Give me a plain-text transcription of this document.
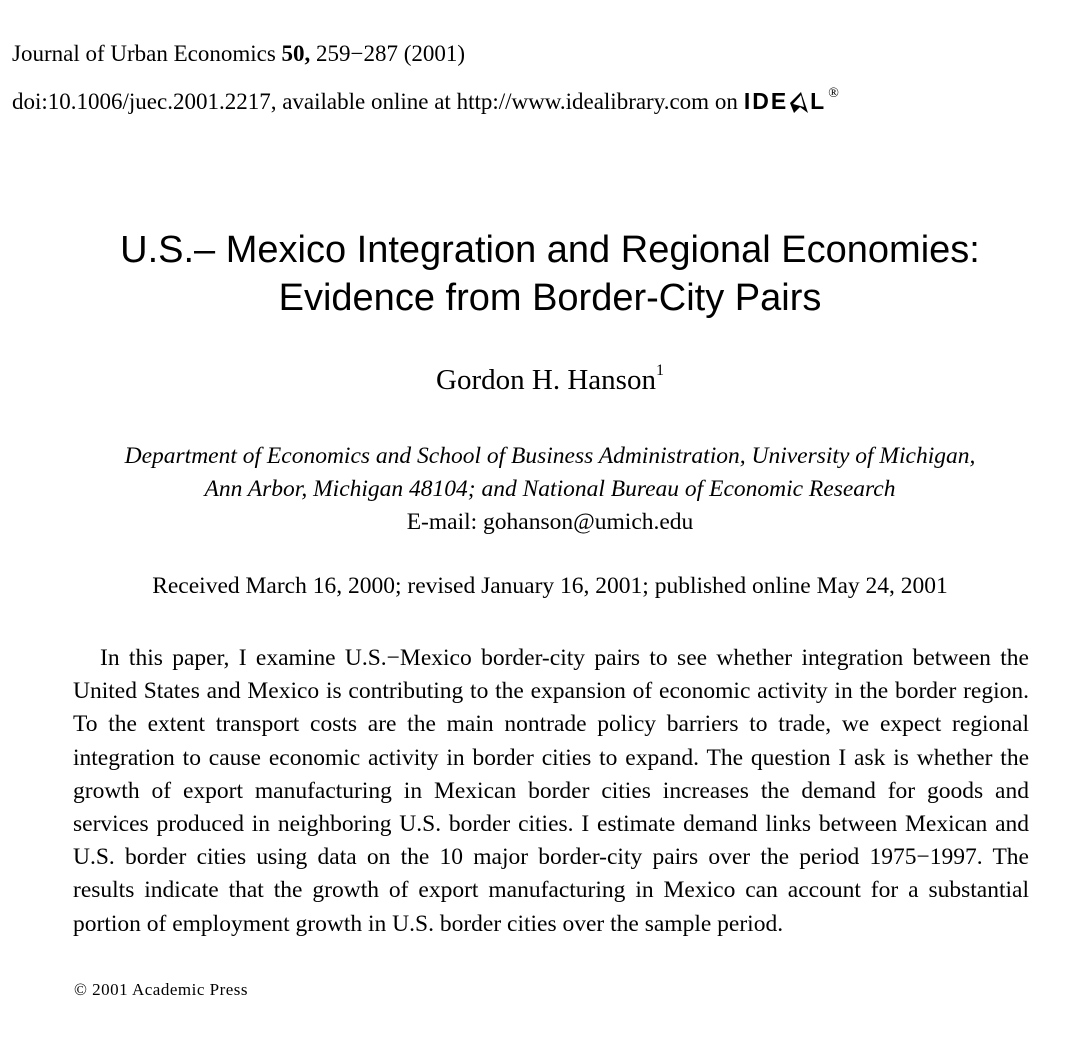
Journal of Urban Economics 50, 259−287 (2001)
doi:10.1006/juec.2001.2217, available online at http://www.idealibrary.com on IDE L ®
U.S.– Mexico Integration and Regional Economies:
Evidence from Border-City Pairs
Gordon H. Hanson$^1$
Department of Economics and School of Business Administration, University of Michigan,
Ann Arbor, Michigan 48104; and National Bureau of Economic Research
E-mail: gohanson@umich.edu
Received March 16, 2000; revised January 16, 2001; published online May 24, 2001
In this paper, I examine U.S.−Mexico border-city pairs to see whether integration between the United States and Mexico is contributing to the expansion of economic activity in the border region. To the extent transport costs are the main nontrade policy barriers to trade, we expect regional integration to cause economic activity in border cities to expand. The question I ask is whether the growth of export manufacturing in Mexican border cities increases the demand for goods and services produced in neighboring U.S. border cities. I estimate demand links between Mexican and U.S. border cities using data on the 10 major border-city pairs over the period 1975−1997. The results indicate that the growth of export manufacturing in Mexico can account for a substantial portion of employment growth in U.S. border cities over the sample period.
© 2001 Academic Press
